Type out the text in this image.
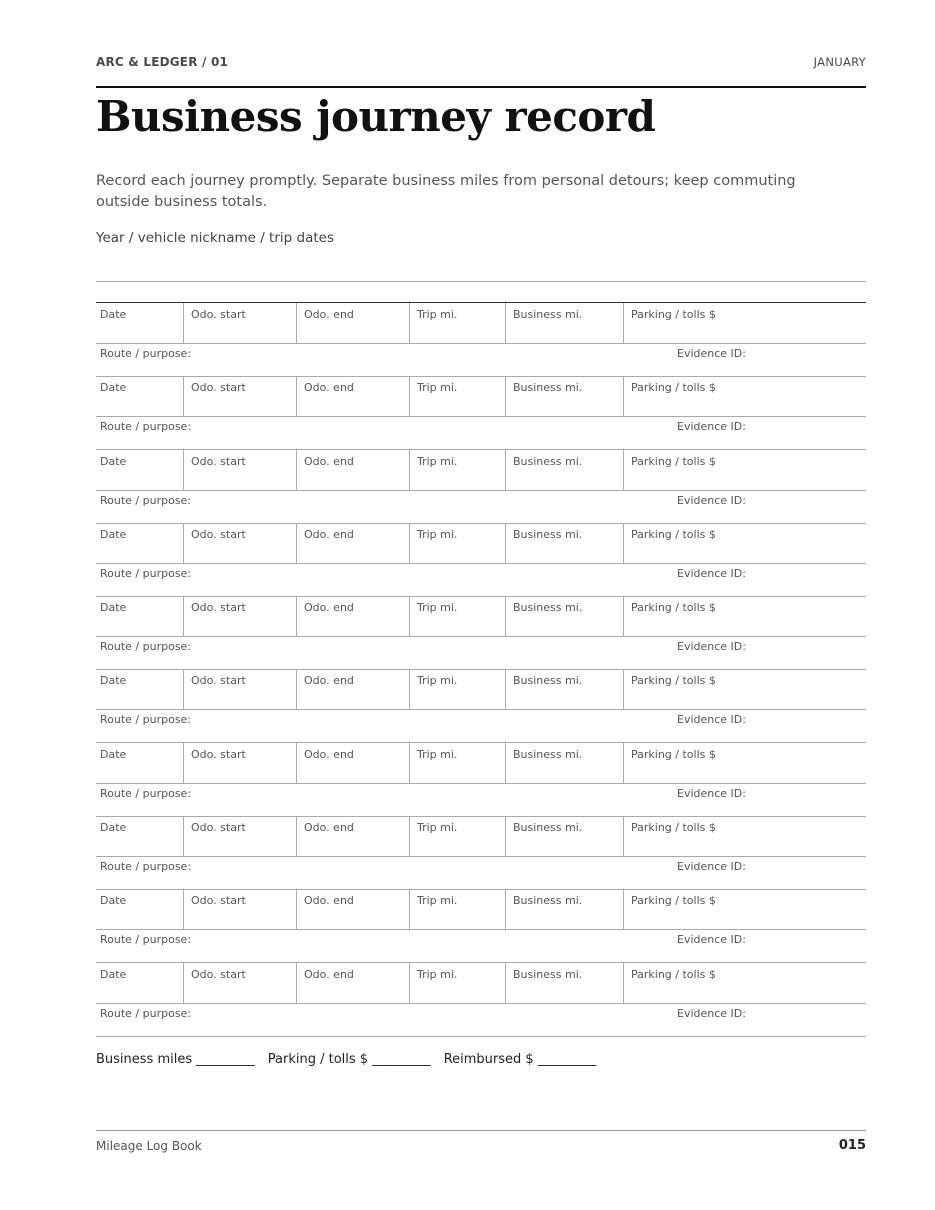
ARC & LEDGER / 01	JANUARY
Business journey record
Record each journey promptly. Separate business miles from personal detours; keep commuting outside business totals.
Year / vehicle nickname / trip dates
Date	Odo. start	Odo. end	Trip mi.	Business mi.	Parking / tolls $
Route / purpose:	Evidence ID:
Date	Odo. start	Odo. end	Trip mi.	Business mi.	Parking / tolls $
Route / purpose:	Evidence ID:
Date	Odo. start	Odo. end	Trip mi.	Business mi.	Parking / tolls $
Route / purpose:	Evidence ID:
Date	Odo. start	Odo. end	Trip mi.	Business mi.	Parking / tolls $
Route / purpose:	Evidence ID:
Date	Odo. start	Odo. end	Trip mi.	Business mi.	Parking / tolls $
Route / purpose:	Evidence ID:
Date	Odo. start	Odo. end	Trip mi.	Business mi.	Parking / tolls $
Route / purpose:	Evidence ID:
Date	Odo. start	Odo. end	Trip mi.	Business mi.	Parking / tolls $
Route / purpose:	Evidence ID:
Date	Odo. start	Odo. end	Trip mi.	Business mi.	Parking / tolls $
Route / purpose:	Evidence ID:
Date	Odo. start	Odo. end	Trip mi.	Business mi.	Parking / tolls $
Route / purpose:	Evidence ID:
Date	Odo. start	Odo. end	Trip mi.	Business mi.	Parking / tolls $
Route / purpose:	Evidence ID:
Business miles _________ Parking / tolls $ _________ Reimbursed $ _________
Mileage Log Book	015
